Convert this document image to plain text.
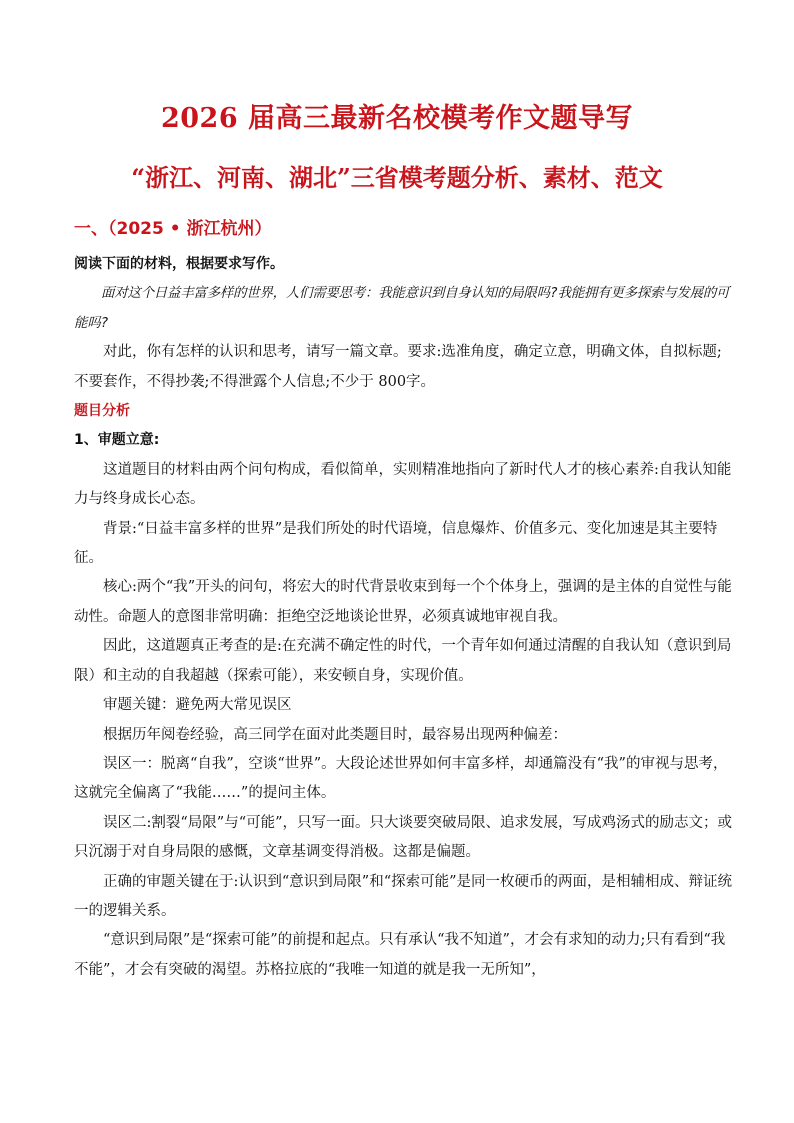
2026 届高三最新名校模考作文题导写
“浙江、河南、湖北”三省模考题分析、素材、范文
一、（2025 • 浙江杭州）

阅读下面的材料，根据要求写作。

面对这个日益丰富多样的世界，人们需要思考：我能意识到自身认知的局限吗?我能拥有更多探索与发展的可能吗?

对此，你有怎样的认识和思考，请写一篇文章。要求:选准角度，确定立意，明确文体，自拟标题;不要套作，不得抄袭;不得泄露个人信息;不少于 800字。

题目分析

1、审题立意:

这道题目的材料由两个问句构成，看似简单，实则精准地指向了新时代人才的核心素养:自我认知能力与终身成长心态。

背景:“日益丰富多样的世界”是我们所处的时代语境，信息爆炸、价值多元、变化加速是其主要特征。

核心:两个“我”开头的问句，将宏大的时代背景收束到每一个个体身上，强调的是主体的自觉性与能动性。命题人的意图非常明确：拒绝空泛地谈论世界，必须真诚地审视自我。

因此，这道题真正考查的是:在充满不确定性的时代，一个青年如何通过清醒的自我认知（意识到局限）和主动的自我超越（探索可能），来安顿自身，实现价值。

审题关键：避免两大常见误区

根据历年阅卷经验，高三同学在面对此类题目时，最容易出现两种偏差：

误区一：脱离“自我”，空谈“世界”。大段论述世界如何丰富多样，却通篇没有“我”的审视与思考，这就完全偏离了“我能……”的提问主体。

误区二:割裂“局限”与“可能”，只写一面。只大谈要突破局限、追求发展，写成鸡汤式的励志文；或只沉溺于对自身局限的感慨，文章基调变得消极。这都是偏题。

正确的审题关键在于:认识到“意识到局限”和“探索可能”是同一枚硬币的两面，是相辅相成、辩证统一的逻辑关系。

“意识到局限”是“探索可能”的前提和起点。只有承认“我不知道”，才会有求知的动力;只有看到“我不能”，才会有突破的渴望。苏格拉底的“我唯一知道的就是我一无所知”，
